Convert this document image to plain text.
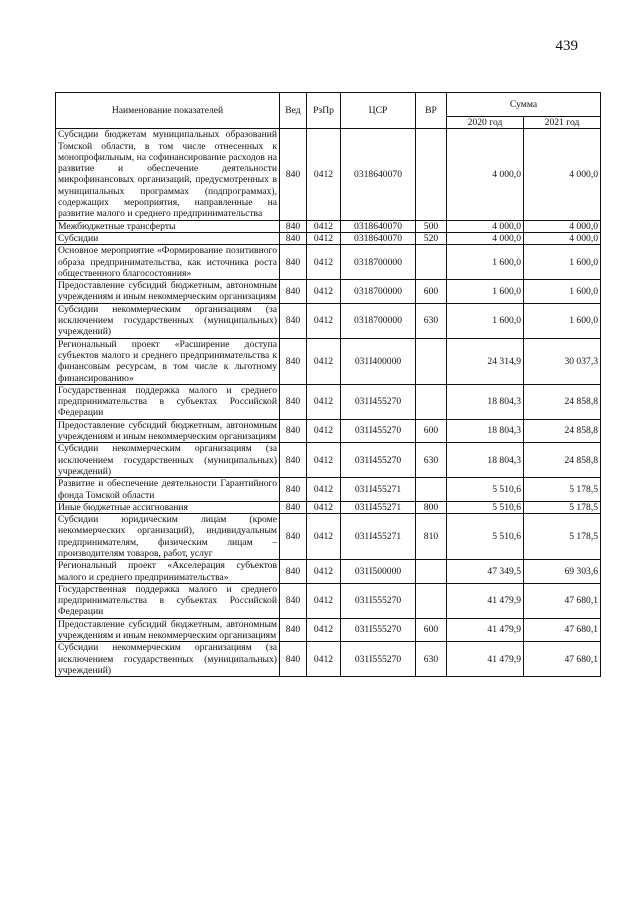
439
Наименование показателей	Вед	РзПр	ЦСР	ВР	Сумма	
					2020 год	2021 год
Субсидии бюджетам муниципальных образований Томской области, в том числе отнесенных к монопрофильным, на софинансирование расходов на развитие и обеспечение деятельности микрофинансовых организаций, предусмотренных в муниципальных программах (подпрограммах), содержащих мероприятия, направленные на развитие малого и среднего предпринимательства	840	0412	0318640070		4 000,0	4 000,0
Межбюджетные трансферты	840	0412	0318640070	500	4 000,0	4 000,0
Субсидии	840	0412	0318640070	520	4 000,0	4 000,0
Основное мероприятие «Формирование позитивного образа предпринимательства, как источника роста общественного благосостояния»	840	0412	0318700000		1 600,0	1 600,0
Предоставление субсидий бюджетным, автономным учреждениям и иным некоммерческим организациям	840	0412	0318700000	600	1 600,0	1 600,0
Субсидии некоммерческим организациям (за исключением государственных (муниципальных) учреждений)	840	0412	0318700000	630	1 600,0	1 600,0
Региональный проект «Расширение доступа субъектов малого и среднего предпринимательства к финансовым ресурсам, в том числе к льготному финансированию»	840	0412	031I400000		24 314,9	30 037,3
Государственная поддержка малого и среднего предпринимательства в субъектах Российской Федерации	840	0412	031I455270		18 804,3	24 858,8
Предоставление субсидий бюджетным, автономным учреждениям и иным некоммерческим организациям	840	0412	031I455270	600	18 804,3	24 858,8
Субсидии некоммерческим организациям (за исключением государственных (муниципальных) учреждений)	840	0412	031I455270	630	18 804,3	24 858,8
Развитие и обеспечение деятельности Гарантийного фонда Томской области	840	0412	031I455271		5 510,6	5 178,5
Иные бюджетные ассигнования	840	0412	031I455271	800	5 510,6	5 178,5
Субсидии юридическим лицам (кроме некоммерческих организаций), индивидуальным предпринимателям, физическим лицам – производителям товаров, работ, услуг	840	0412	031I455271	810	5 510,6	5 178,5
Региональный проект «Акселерация субъектов малого и среднего предпринимательства»	840	0412	031I500000		47 349,5	69 303,6
Государственная поддержка малого и среднего предпринимательства в субъектах Российской Федерации	840	0412	031I555270		41 479,9	47 680,1
Предоставление субсидий бюджетным, автономным учреждениям и иным некоммерческим организациям	840	0412	031I555270	600	41 479,9	47 680,1
Субсидии некоммерческим организациям (за исключением государственных (муниципальных) учреждений)	840	0412	031I555270	630	41 479,9	47 680,1
